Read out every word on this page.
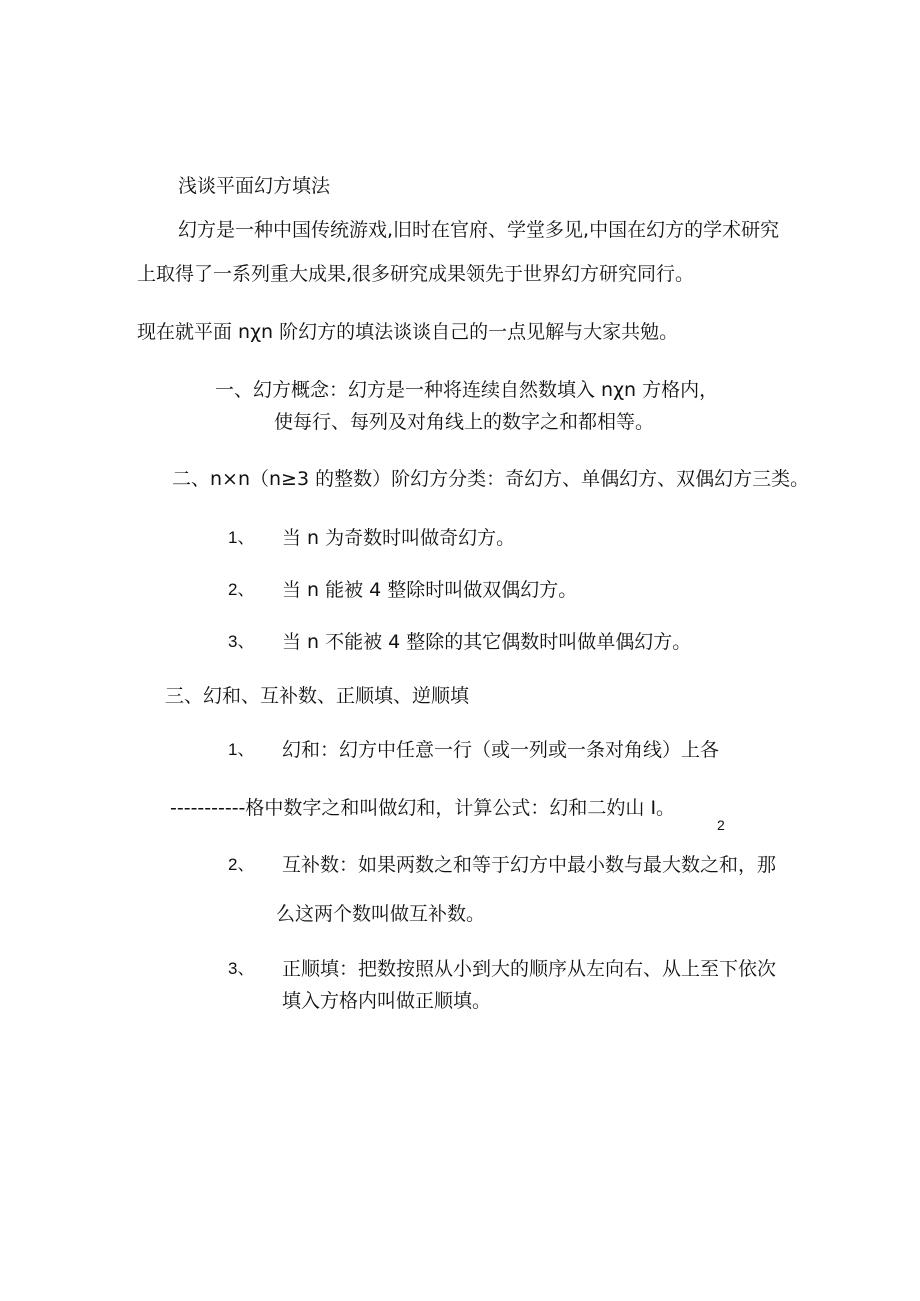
浅谈平面幻方填法
幻方是一种中国传统游戏,旧时在官府、学堂多见,中国在幻方的学术研究
上取得了一系列重大成果,很多研究成果领先于世界幻方研究同行。
现在就平面 nχn 阶幻方的填法谈谈自己的一点见解与大家共勉。
一、幻方概念：幻方是一种将连续自然数填入 nχn 方格内，
使每行、每列及对角线上的数字之和都相等。
二、n×n（n≥3 的整数）阶幻方分类：奇幻方、单偶幻方、双偶幻方三类。
1、 当 n 为奇数时叫做奇幻方。
2、 当 n 能被 4 整除时叫做双偶幻方。
3、 当 n 不能被 4 整除的其它偶数时叫做单偶幻方。
三、幻和、互补数、正顺填、逆顺填
1、 幻和：幻方中任意一行（或一列或一条对角线）上各
-----------格中数字之和叫做幻和，计算公式：幻和二妁山 I。
2
2、 互补数：如果两数之和等于幻方中最小数与最大数之和，那
么这两个数叫做互补数。
3、 正顺填：把数按照从小到大的顺序从左向右、从上至下依次
填入方格内叫做正顺填。
